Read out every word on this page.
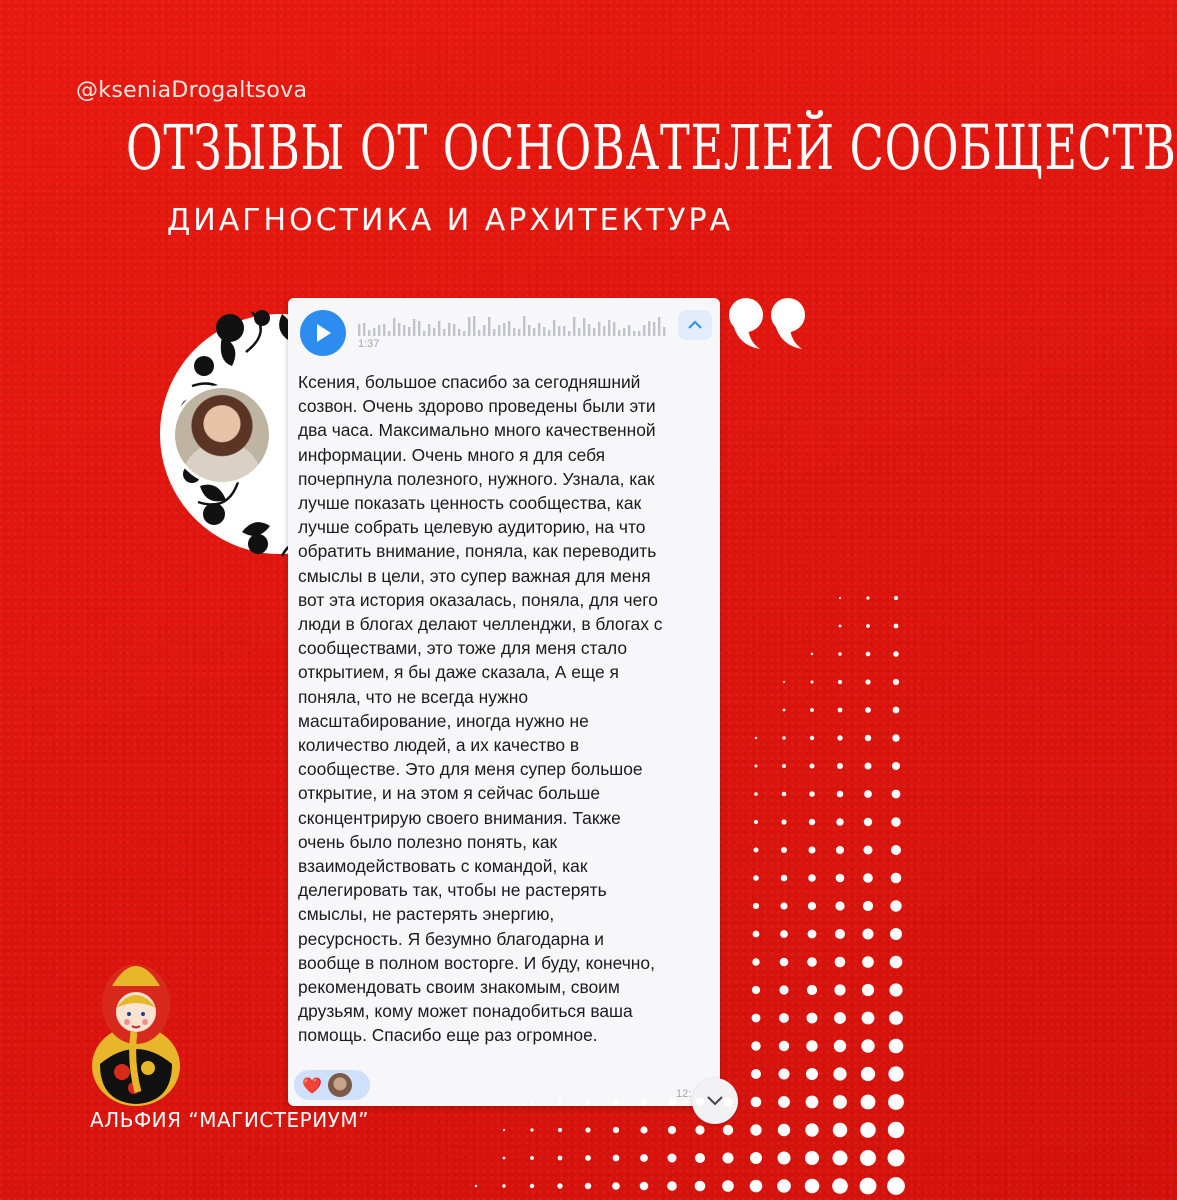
@kseniaDrogaltsova
ОТЗЫВЫ ОТ ОСНОВАТЕЛЕЙ СООБЩЕСТВ
ДИАГНОСТИКА И АРХИТЕКТУРА
1:37
Ксения, большое спасибо за сегодняшний
созвон. Очень здорово проведены были эти
два часа. Максимально много качественной
информации. Очень много я для себя
почерпнула полезного, нужного. Узнала, как
лучше показать ценность сообщества, как
лучше собрать целевую аудиторию, на что
обратить внимание, поняла, как переводить
смыслы в цели, это супер важная для меня
вот эта история оказалась, поняла, для чего
люди в блогах делают челленджи, в блогах с
сообществами, это тоже для меня стало
открытием, я бы даже сказала, А еще я
поняла, что не всегда нужно
масштабирование, иногда нужно не
количество людей, а их качество в
сообществе. Это для меня супер большое
открытие, и на этом я сейчас больше
сконцентрирую своего внимания. Также
очень было полезно понять, как
взаимодействовать с командой, как
делегировать так, чтобы не растерять
смыслы, не растерять энергию,
ресурсность. Я безумно благодарна и
вообще в полном восторге. И буду, конечно,
рекомендовать своим знакомым, своим
друзьям, кому может понадобиться ваша
помощь. Спасибо еще раз огромное.
❤️	12:
АЛЬФИЯ “МАГИСТЕРИУМ”
